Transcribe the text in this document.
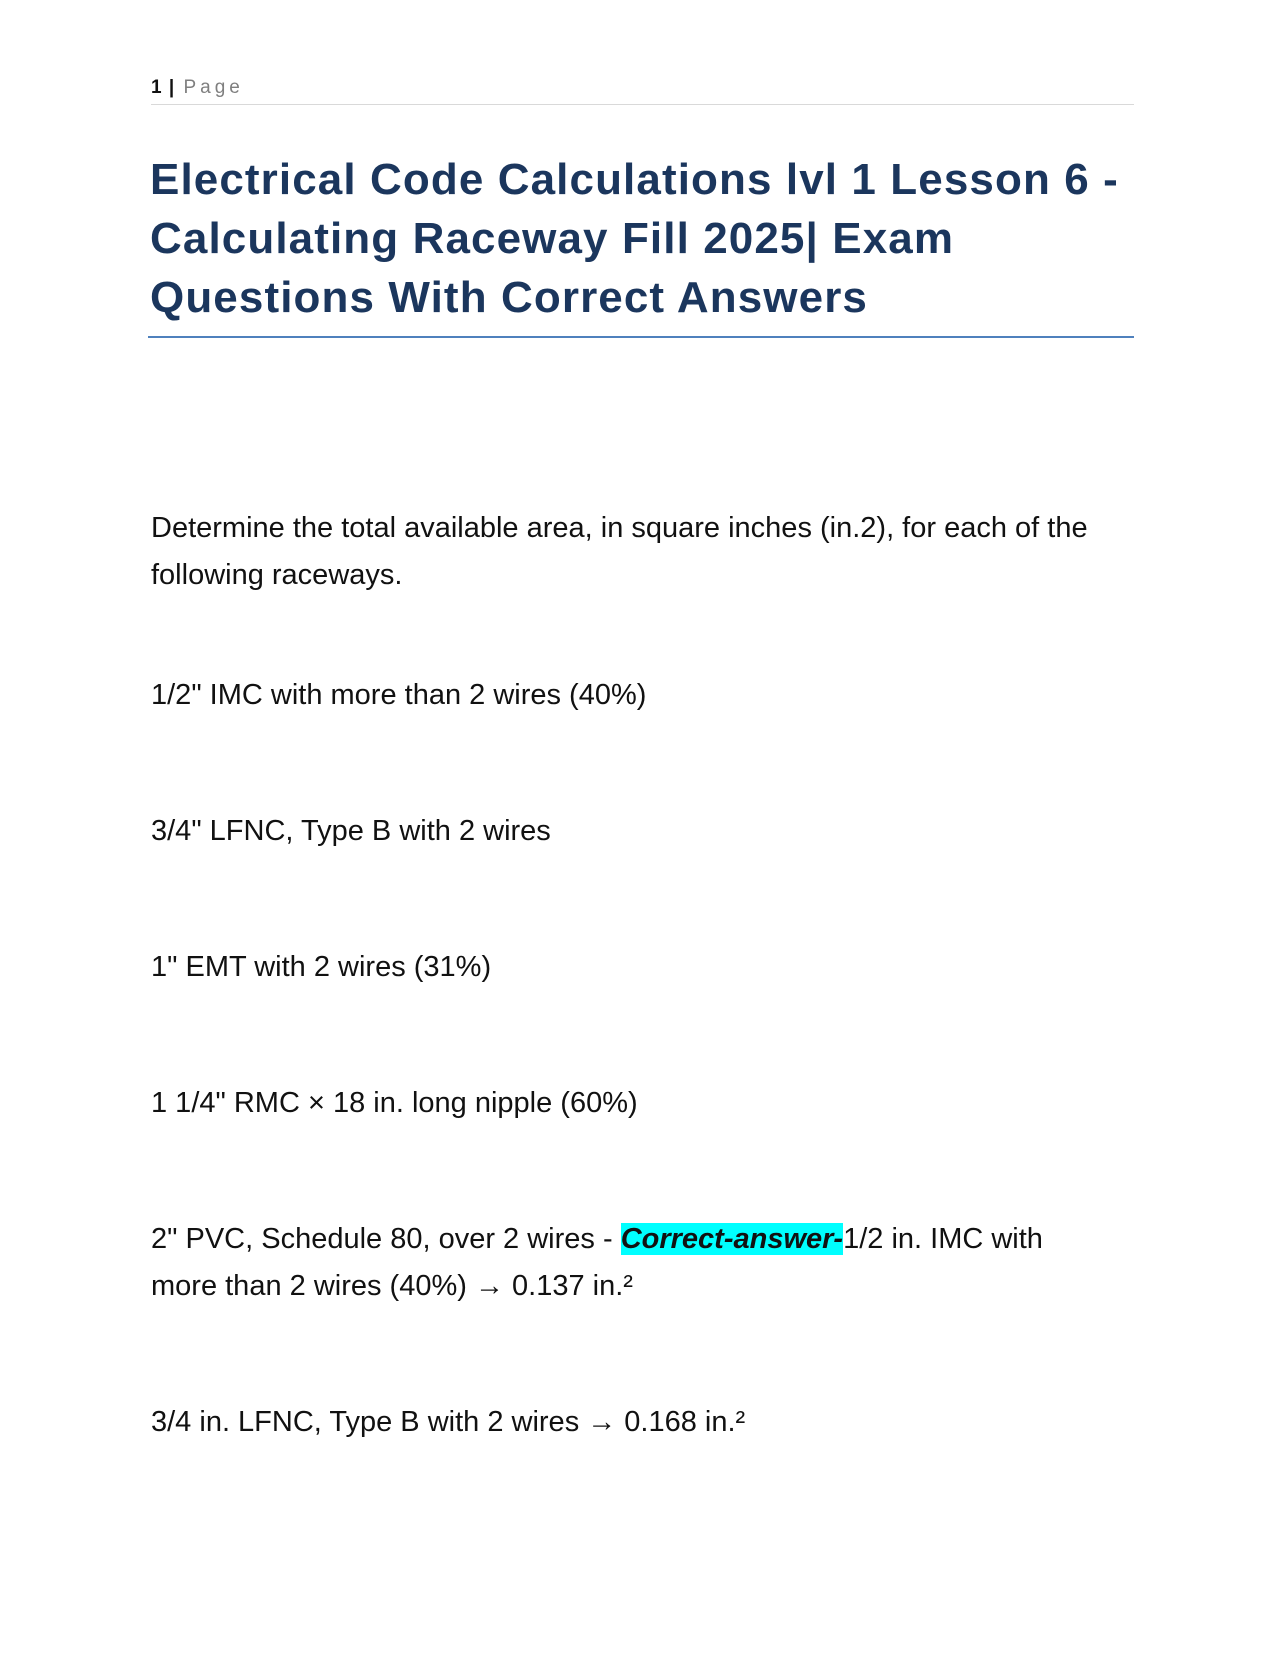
1 | Page
Electrical Code Calculations lvl 1 Lesson 6 - Calculating Raceway Fill 2025| Exam Questions With Correct Answers

Determine the total available area, in square inches (in.2), for each of the following raceways.

1/2" IMC with more than 2 wires (40%)

3/4" LFNC, Type B with 2 wires

1" EMT with 2 wires (31%)

1 1/4" RMC × 18 in. long nipple (60%)

2" PVC, Schedule 80, over 2 wires - Correct-answer-1/2 in. IMC with more than 2 wires (40%) → 0.137 in.²

3/4 in. LFNC, Type B with 2 wires → 0.168 in.²
